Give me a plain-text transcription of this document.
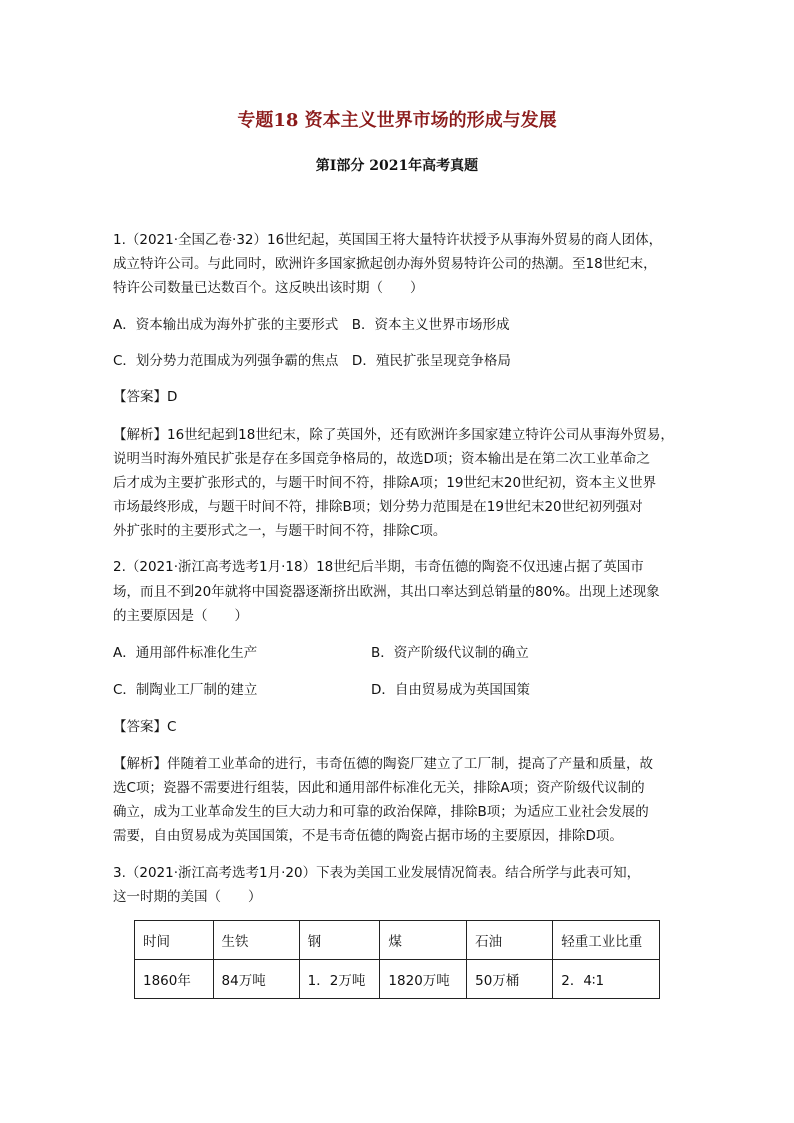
专题18 资本主义世界市场的形成与发展
第Ⅰ部分 2021年高考真题
1.（2021·全国乙卷·32）16世纪起，英国国王将大量特许状授予从事海外贸易的商人团体，
成立特许公司。与此同时，欧洲许多国家掀起创办海外贸易特许公司的热潮。至18世纪末，
特许公司数量已达数百个。这反映出该时期（　　）
A．资本输出成为海外扩张的主要形式　B．资本主义世界市场形成
C．划分势力范围成为列强争霸的焦点　D．殖民扩张呈现竞争格局
【答案】D
【解析】16世纪起到18世纪末，除了英国外，还有欧洲许多国家建立特许公司从事海外贸易，
说明当时海外殖民扩张是存在多国竞争格局的，故选D项；资本输出是在第二次工业革命之
后才成为主要扩张形式的，与题干时间不符，排除A项；19世纪末20世纪初，资本主义世界
市场最终形成，与题干时间不符，排除B项；划分势力范围是在19世纪末20世纪初列强对
外扩张时的主要形式之一，与题干时间不符，排除C项。
2.（2021·浙江高考选考1月·18）18世纪后半期，韦奇伍德的陶瓷不仅迅速占据了英国市
场，而且不到20年就将中国瓷器逐渐挤出欧洲，其出口率达到总销量的80%。出现上述现象
的主要原因是（　　）
A．通用部件标准化生产	B．资产阶级代议制的确立
C．制陶业工厂制的建立	D．自由贸易成为英国国策
【答案】C
【解析】伴随着工业革命的进行，韦奇伍德的陶瓷厂建立了工厂制，提高了产量和质量，故
选C项；瓷器不需要进行组装，因此和通用部件标准化无关，排除A项；资产阶级代议制的
确立，成为工业革命发生的巨大动力和可靠的政治保障，排除B项；为适应工业社会发展的
需要，自由贸易成为英国国策，不是韦奇伍德的陶瓷占据市场的主要原因，排除D项。
3.（2021·浙江高考选考1月·20）下表为美国工业发展情况简表。结合所学与此表可知，
这一时期的美国（　　）
时间	生铁	钢	煤	石油	轻重工业比重
1860年	84万吨	1．2万吨	1820万吨	50万桶	2．4∶1
